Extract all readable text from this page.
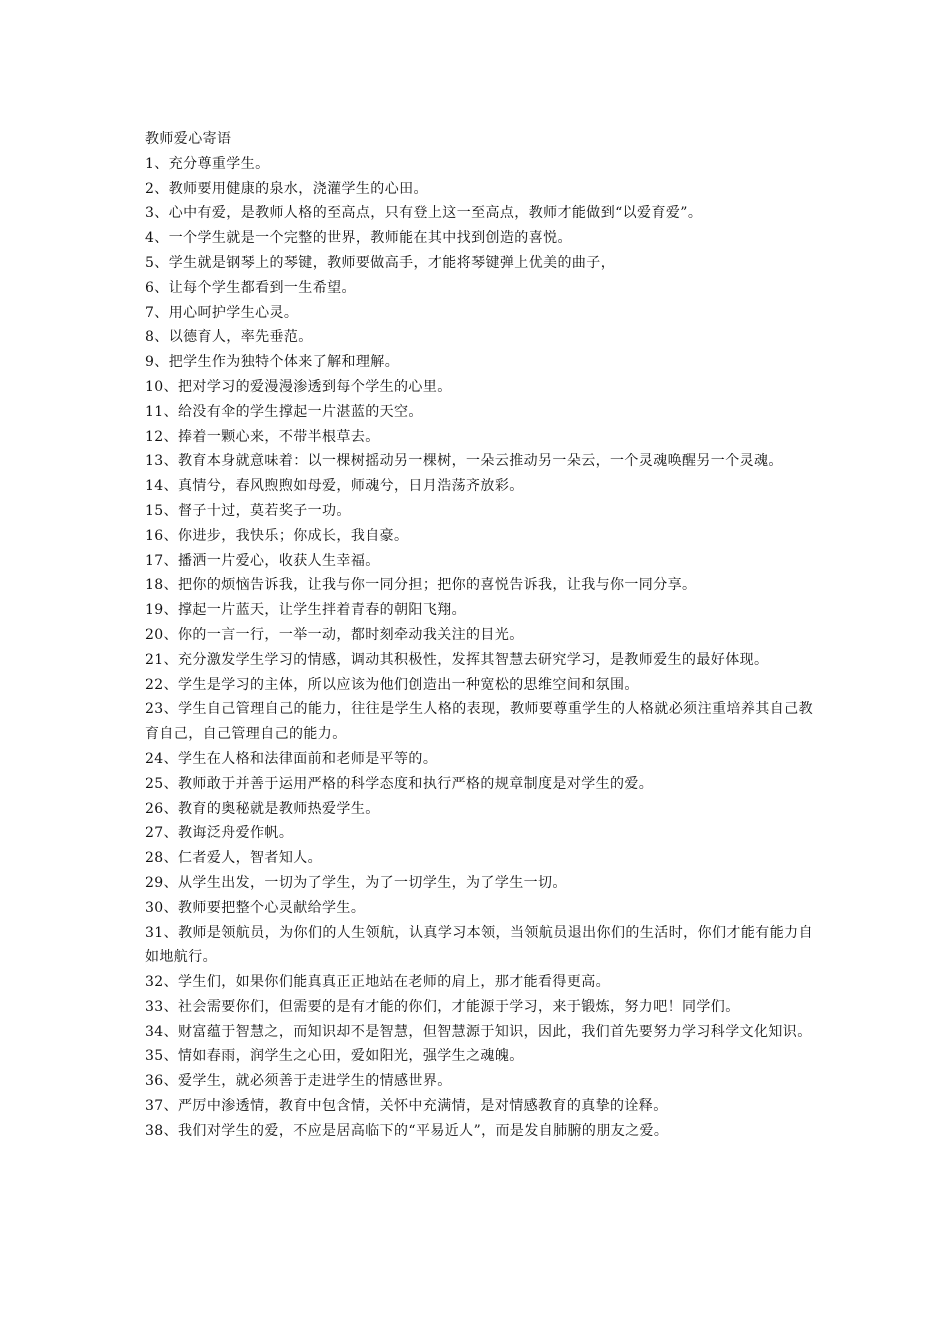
教师爱心寄语
1、充分尊重学生。
2、教师要用健康的泉水，浇灌学生的心田。
3、心中有爱，是教师人格的至高点，只有登上这一至高点，教师才能做到“以爱育爱”。
4、一个学生就是一个完整的世界，教师能在其中找到创造的喜悦。
5、学生就是钢琴上的琴键，教师要做高手，才能将琴键弹上优美的曲子，
6、让每个学生都看到一生希望。
7、用心呵护学生心灵。
8、以德育人，率先垂范。
9、把学生作为独特个体来了解和理解。
10、把对学习的爱漫漫渗透到每个学生的心里。
11、给没有伞的学生撑起一片湛蓝的天空。
12、捧着一颗心来，不带半根草去。
13、教育本身就意味着：以一棵树摇动另一棵树，一朵云推动另一朵云，一个灵魂唤醒另一个灵魂。
14、真情兮，春风煦煦如母爱，师魂兮，日月浩荡齐放彩。
15、督子十过，莫若奖子一功。
16、你进步，我快乐；你成长，我自豪。
17、播洒一片爱心，收获人生幸福。
18、把你的烦恼告诉我，让我与你一同分担；把你的喜悦告诉我，让我与你一同分享。
19、撑起一片蓝天，让学生拌着青春的朝阳飞翔。
20、你的一言一行，一举一动，都时刻牵动我关注的目光。
21、充分激发学生学习的情感，调动其积极性，发挥其智慧去研究学习，是教师爱生的最好体现。
22、学生是学习的主体，所以应该为他们创造出一种宽松的思维空间和氛围。
23、学生自己管理自己的能力，往往是学生人格的表现，教师要尊重学生的人格就必须注重培养其自己教育自己，自己管理自己的能力。
24、学生在人格和法律面前和老师是平等的。
25、教师敢于并善于运用严格的科学态度和执行严格的规章制度是对学生的爱。
26、教育的奥秘就是教师热爱学生。
27、教诲泛舟爱作帆。
28、仁者爱人，智者知人。
29、从学生出发，一切为了学生，为了一切学生，为了学生一切。
30、教师要把整个心灵献给学生。
31、教师是领航员，为你们的人生领航，认真学习本领，当领航员退出你们的生活时，你们才能有能力自如地航行。
32、学生们，如果你们能真真正正地站在老师的肩上，那才能看得更高。
33、社会需要你们，但需要的是有才能的你们，才能源于学习，来于锻炼，努力吧！同学们。
34、财富蕴于智慧之，而知识却不是智慧，但智慧源于知识，因此，我们首先要努力学习科学文化知识。
35、情如春雨，润学生之心田，爱如阳光，强学生之魂魄。
36、爱学生，就必须善于走进学生的情感世界。
37、严厉中渗透情，教育中包含情，关怀中充满情，是对情感教育的真挚的诠释。
38、我们对学生的爱，不应是居高临下的“平易近人”，而是发自肺腑的朋友之爱。
